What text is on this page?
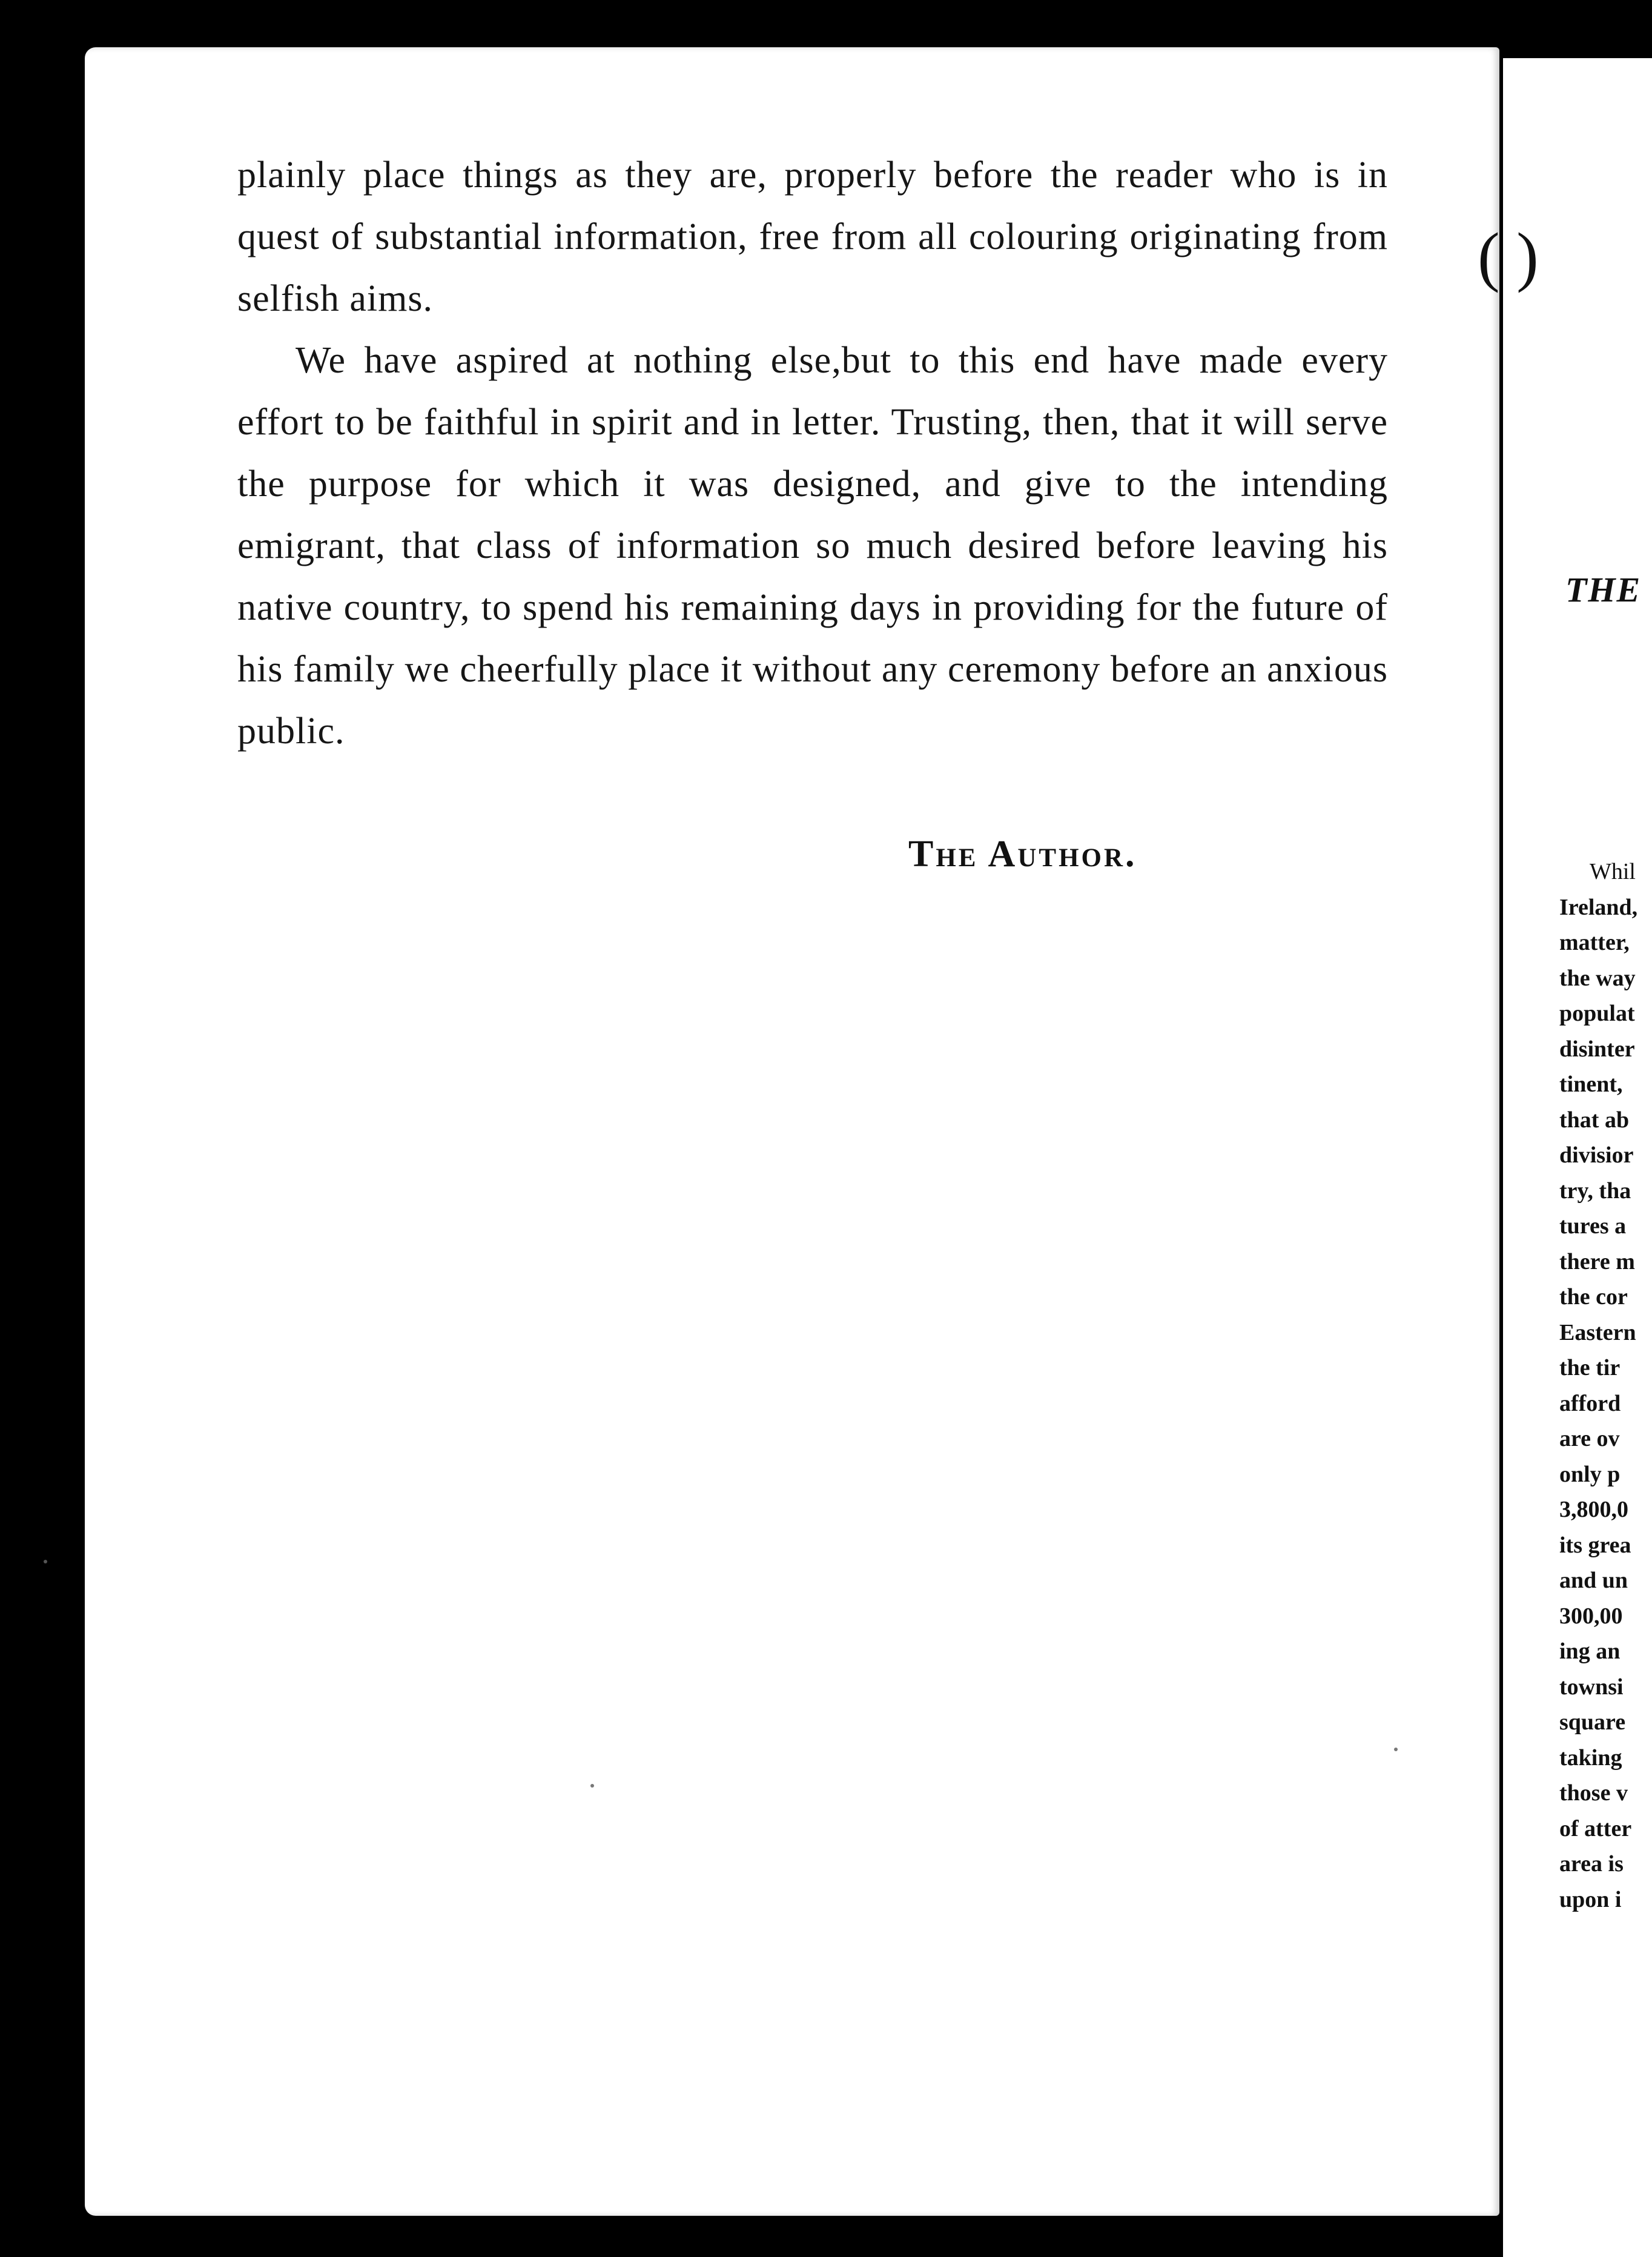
plainly place things as they are, properly before the reader who is in quest of substantial information, free from all colouring originating from selfish aims.

We have aspired at nothing else,but to this end have made every effort to be faithful in spirit and in letter. Trusting, then, that it will serve the purpose for which it was designed, and give to the intending emigrant, that class of information so much desired before leaving his native country, to spend his remaining days in providing for the future of his family we cheerfully place it without any ceremony before an anxious public.

The Author.
( )
THE
Whil
Ireland,
matter,
the way
populat
disinter
tinent,
that ab
divisior
try, tha
tures a
there m
the cor
Eastern
the tir
afford
are ov
only p
3,800,0
its grea
and un
300,00
ing an
townsi
square
taking
those v
of atter
area is
upon i
